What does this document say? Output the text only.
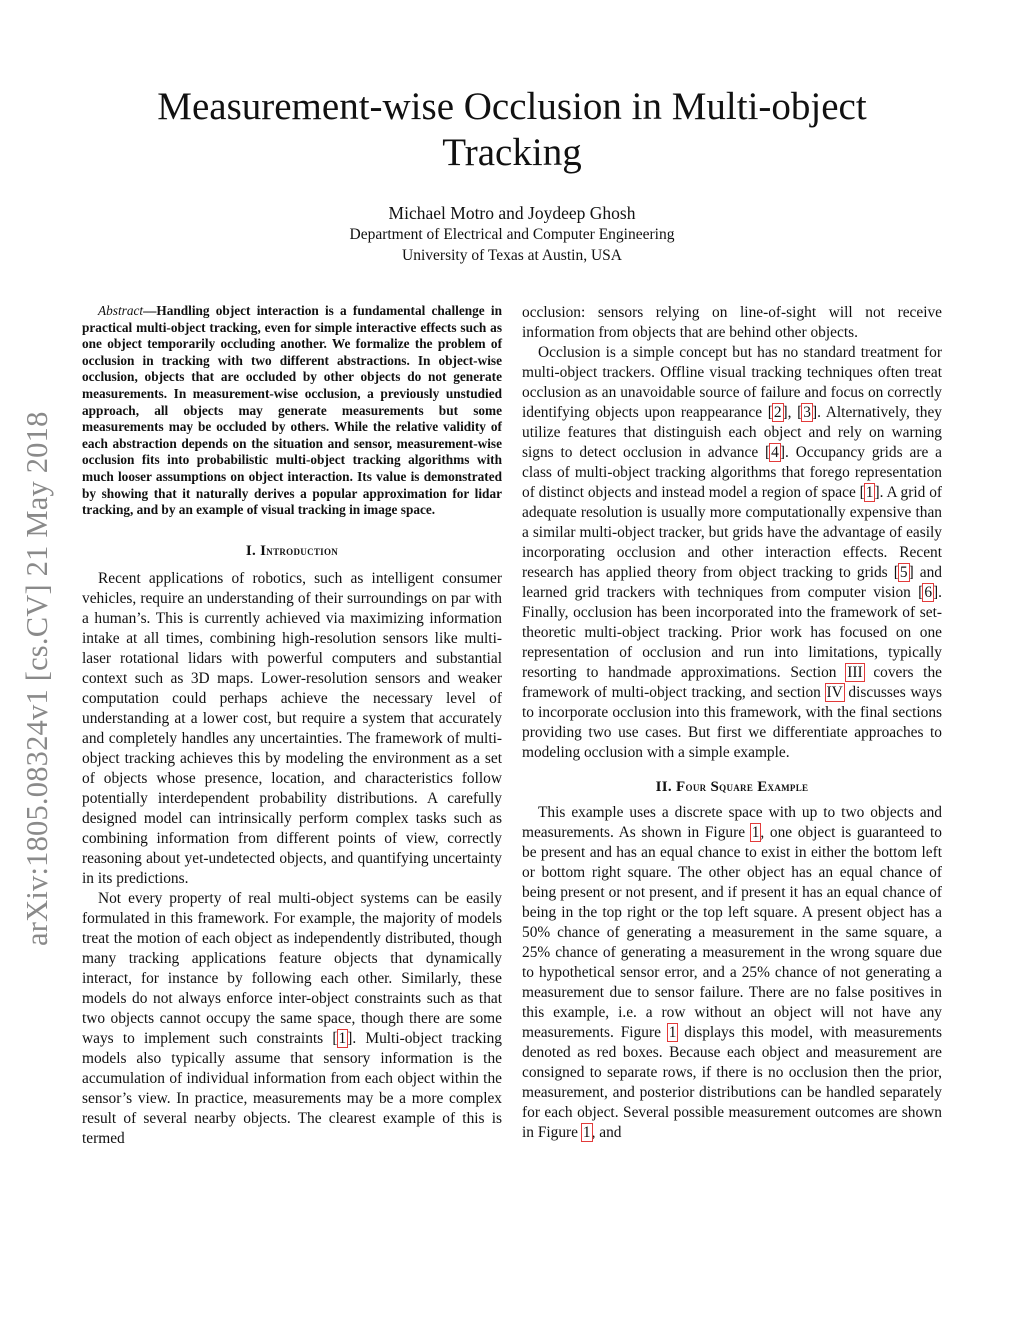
arXiv:1805.08324v1 [cs.CV] 21 May 2018
Measurement-wise Occlusion in Multi-object Tracking
Michael Motro and Joydeep Ghosh
Department of Electrical and Computer Engineering
University of Texas at Austin, USA

Abstract—Handling object interaction is a fundamental challenge in practical multi-object tracking, even for simple interactive effects such as one object temporarily occluding another. We formalize the problem of occlusion in tracking with two different abstractions. In object-wise occlusion, objects that are occluded by other objects do not generate measurements. In measurement-wise occlusion, a previously unstudied approach, all objects may generate measurements but some measurements may be occluded by others. While the relative validity of each abstraction depends on the situation and sensor, measurement-wise occlusion fits into probabilistic multi-object tracking algorithms with much looser assumptions on object interaction. Its value is demonstrated by showing that it naturally derives a popular approximation for lidar tracking, and by an example of visual tracking in image space.

I. Introduction

Recent applications of robotics, such as intelligent consumer vehicles, require an understanding of their surroundings on par with a human’s. This is currently achieved via maximizing information intake at all times, combining high-resolution sensors like multi-laser rotational lidars with powerful computers and substantial context such as 3D maps. Lower-resolution sensors and weaker computation could perhaps achieve the necessary level of understanding at a lower cost, but require a system that accurately and completely handles any uncertainties. The framework of multi-object tracking achieves this by modeling the environment as a set of objects whose presence, location, and characteristics follow potentially interdependent probability distributions. A carefully designed model can intrinsically perform complex tasks such as combining information from different points of view, correctly reasoning about yet-undetected objects, and quantifying uncertainty in its predictions.

Not every property of real multi-object systems can be easily formulated in this framework. For example, the majority of models treat the motion of each object as independently distributed, though many tracking applications feature objects that dynamically interact, for instance by following each other. Similarly, these models do not always enforce inter-object constraints such as that two objects cannot occupy the same space, though there are some ways to implement such constraints [1]. Multi-object tracking models also typically assume that sensory information is the accumulation of individual information from each object within the sensor’s view. In practice, measurements may be a more complex result of several nearby objects. The clearest example of this is termed

occlusion: sensors relying on line-of-sight will not receive information from objects that are behind other objects.

Occlusion is a simple concept but has no standard treatment for multi-object trackers. Offline visual tracking techniques often treat occlusion as an unavoidable source of failure and focus on correctly identifying objects upon reappearance [2], [3]. Alternatively, they utilize features that distinguish each object and rely on warning signs to detect occlusion in advance [4]. Occupancy grids are a class of multi-object tracking algorithms that forego representation of distinct objects and instead model a region of space [1]. A grid of adequate resolution is usually more computationally expensive than a similar multi-object tracker, but grids have the advantage of easily incorporating occlusion and other interaction effects. Recent research has applied theory from object tracking to grids [5] and learned grid trackers with techniques from computer vision [6]. Finally, occlusion has been incorporated into the framework of set-theoretic multi-object tracking. Prior work has focused on one representation of occlusion and run into limitations, typically resorting to handmade approximations. Section III covers the framework of multi-object tracking, and section IV discusses ways to incorporate occlusion into this framework, with the final sections providing two use cases. But first we differentiate approaches to modeling occlusion with a simple example.

II. Four Square Example

This example uses a discrete space with up to two objects and measurements. As shown in Figure 1, one object is guaranteed to be present and has an equal chance to exist in either the bottom left or bottom right square. The other object has an equal chance of being present or not present, and if present it has an equal chance of being in the top right or the top left square. A present object has a 50% chance of generating a measurement in the same square, a 25% chance of generating a measurement in the wrong square due to hypothetical sensor error, and a 25% chance of not generating a measurement due to sensor failure. There are no false positives in this example, i.e. a row without an object will not have any measurements. Figure 1 displays this model, with measurements denoted as red boxes. Because each object and measurement are consigned to separate rows, if there is no occlusion then the prior, measurement, and posterior distributions can be handled separately for each object. Several possible measurement outcomes are shown in Figure 1, and
